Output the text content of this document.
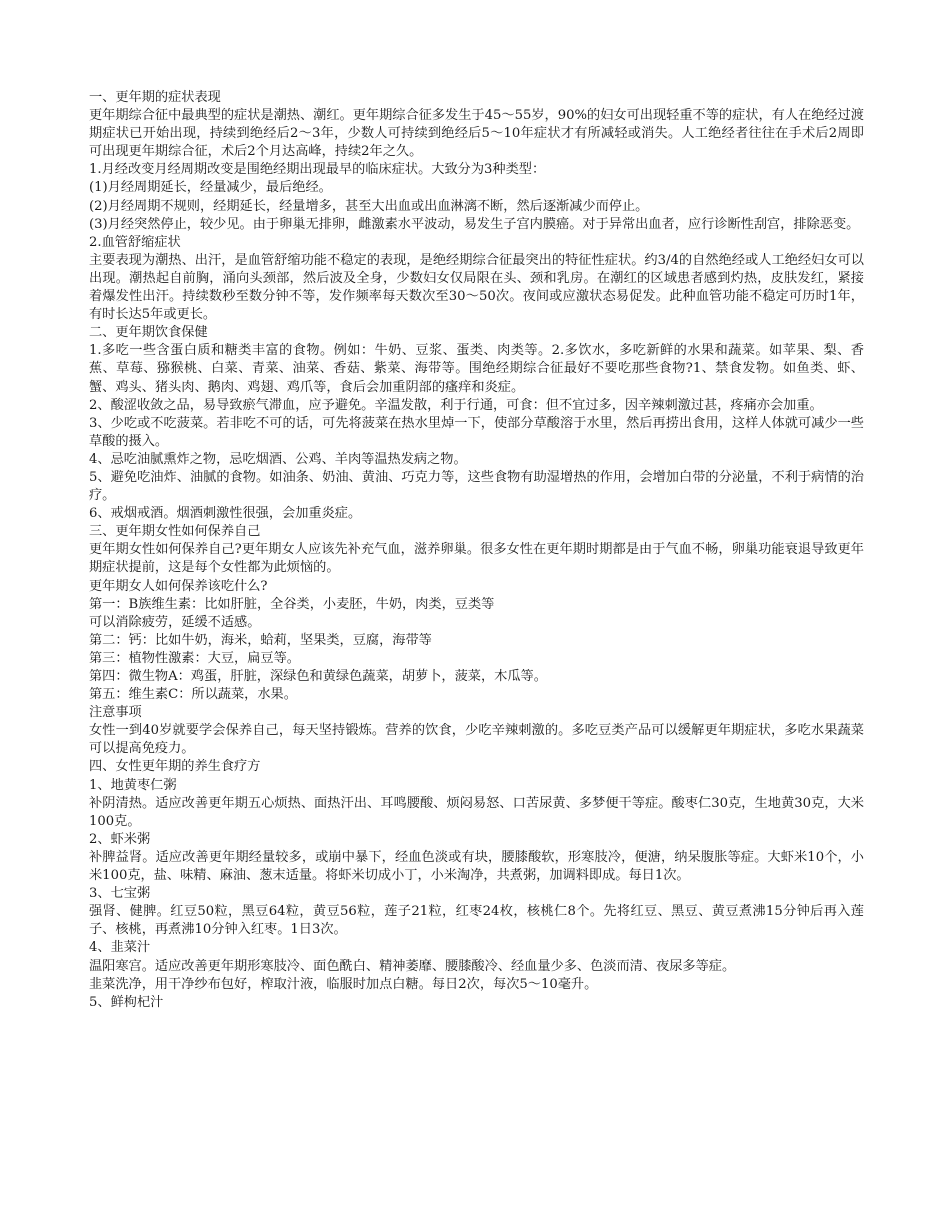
一、更年期的症状表现

更年期综合征中最典型的症状是潮热、潮红。更年期综合征多发生于45～55岁，90%的妇女可出现轻重不等的症状，有人在绝经过渡期症状已开始出现，持续到绝经后2～3年，少数人可持续到绝经后5～10年症状才有所减轻或消失。人工绝经者往往在手术后2周即可出现更年期综合征，术后2个月达高峰，持续2年之久。

1.月经改变月经周期改变是围绝经期出现最早的临床症状。大致分为3种类型：

(1)月经周期延长，经量减少，最后绝经。

(2)月经周期不规则，经期延长，经量增多，甚至大出血或出血淋漓不断，然后逐渐减少而停止。

(3)月经突然停止，较少见。由于卵巢无排卵，雌激素水平波动，易发生子宫内膜癌。对于异常出血者，应行诊断性刮宫，排除恶变。

2.血管舒缩症状

主要表现为潮热、出汗，是血管舒缩功能不稳定的表现，是绝经期综合征最突出的特征性症状。约3/4的自然绝经或人工绝经妇女可以出现。潮热起自前胸，涌向头颈部，然后波及全身，少数妇女仅局限在头、颈和乳房。在潮红的区域患者感到灼热，皮肤发红，紧接着爆发性出汗。持续数秒至数分钟不等，发作频率每天数次至30～50次。夜间或应激状态易促发。此种血管功能不稳定可历时1年，有时长达5年或更长。

二、更年期饮食保健

1.多吃一些含蛋白质和糖类丰富的食物。例如：牛奶、豆浆、蛋类、肉类等。2.多饮水，多吃新鲜的水果和蔬菜。如苹果、梨、香蕉、草莓、猕猴桃、白菜、青菜、油菜、香菇、紫菜、海带等。围绝经期综合征最好不要吃那些食物?1、禁食发物。如鱼类、虾、蟹、鸡头、猪头肉、鹅肉、鸡翅、鸡爪等，食后会加重阴部的瘙痒和炎症。

2、酸涩收敛之品，易导致瘀气滞血，应予避免。辛温发散，利于行通，可食：但不宜过多，因辛辣刺激过甚，疼痛亦会加重。

3、少吃或不吃菠菜。若非吃不可的话，可先将菠菜在热水里焯一下，使部分草酸溶于水里，然后再捞出食用，这样人体就可减少一些草酸的摄入。

4、忌吃油腻熏炸之物，忌吃烟酒、公鸡、羊肉等温热发病之物。

5、避免吃油炸、油腻的食物。如油条、奶油、黄油、巧克力等，这些食物有助湿增热的作用，会增加白带的分泌量，不利于病情的治疗。

6、戒烟戒酒。烟酒刺激性很强，会加重炎症。

三、更年期女性如何保养自己

更年期女性如何保养自己?更年期女人应该先补充气血，滋养卵巢。很多女性在更年期时期都是由于气血不畅，卵巢功能衰退导致更年期症状提前，这是每个女性都为此烦恼的。

更年期女人如何保养该吃什么?

第一：B族维生素：比如肝脏，全谷类，小麦胚，牛奶，肉类，豆类等

可以消除疲劳，延缓不适感。

第二：钙：比如牛奶，海米，蛤莉，坚果类，豆腐，海带等

第三：植物性激素：大豆，扁豆等。

第四：微生物A：鸡蛋，肝脏，深绿色和黄绿色蔬菜，胡萝卜，菠菜，木瓜等。

第五：维生素C：所以蔬菜，水果。

注意事项

女性一到40岁就要学会保养自己，每天坚持锻炼。营养的饮食，少吃辛辣刺激的。多吃豆类产品可以缓解更年期症状，多吃水果蔬菜可以提高免疫力。

四、女性更年期的养生食疗方

1、地黄枣仁粥

补阴清热。适应改善更年期五心烦热、面热汗出、耳鸣腰酸、烦闷易怒、口苦尿黄、多梦便干等症。酸枣仁30克，生地黄30克，大米100克。

2、虾米粥

补脾益肾。适应改善更年期经量较多，或崩中暴下，经血色淡或有块，腰膝酸软，形寒肢冷，便溏，纳呆腹胀等症。大虾米10个，小米100克，盐、味精、麻油、葱末适量。将虾米切成小丁，小米淘净，共煮粥，加调料即成。每日1次。

3、七宝粥

强肾、健脾。红豆50粒，黑豆64粒，黄豆56粒，莲子21粒，红枣24枚，核桃仁8个。先将红豆、黑豆、黄豆煮沸15分钟后再入莲子、核桃，再煮沸10分钟入红枣。1日3次。

4、韭菜汁

温阳寒宫。适应改善更年期形寒肢冷、面色酰白、精神萎靡、腰膝酸冷、经血量少多、色淡而清、夜尿多等症。

韭菜洗净，用干净纱布包好，榨取汁液，临服时加点白糖。每日2次，每次5～10毫升。

5、鲜枸杞汁
